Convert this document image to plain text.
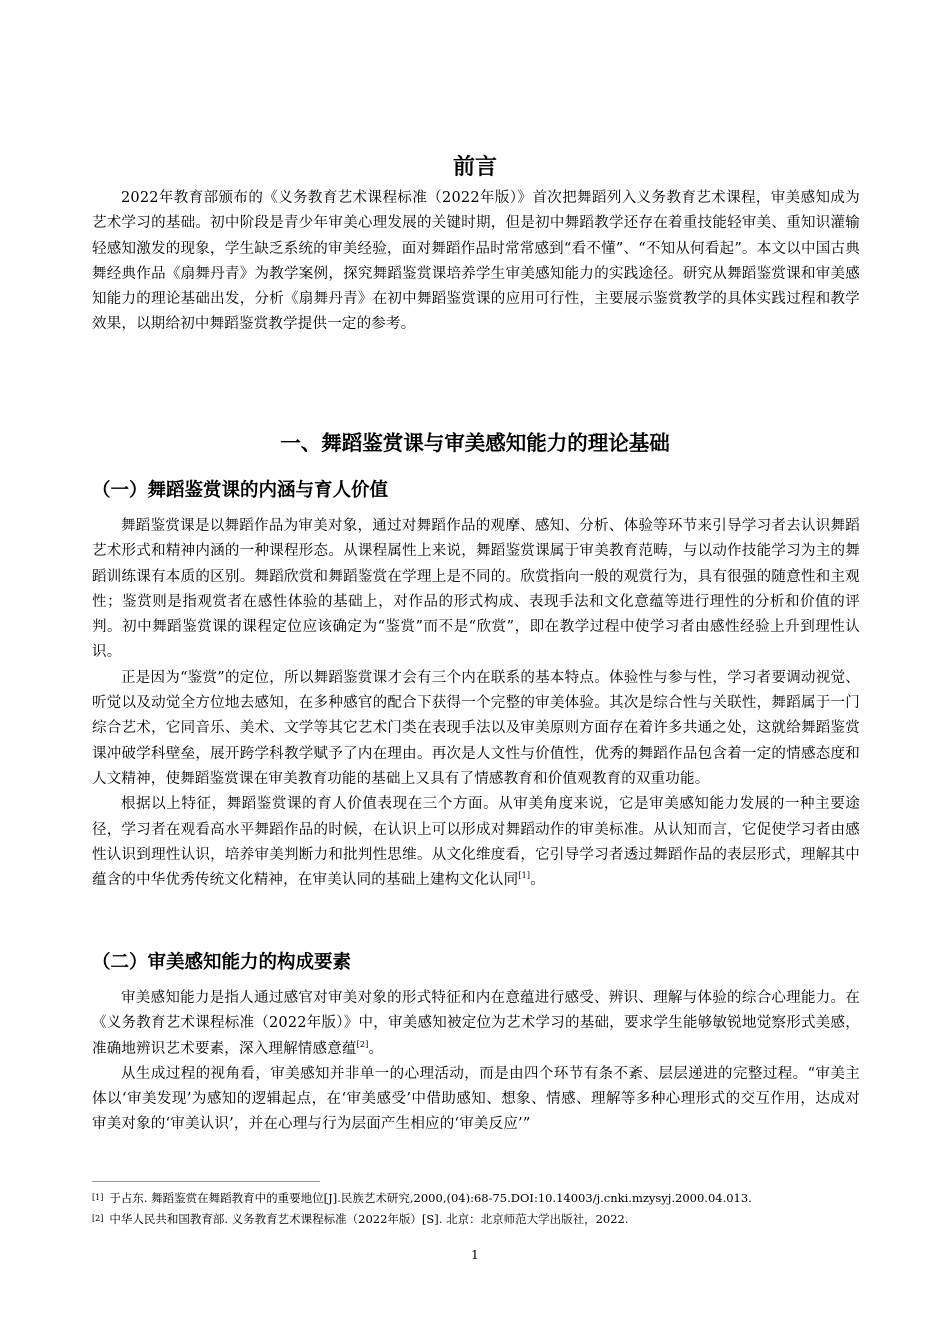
前言

2022年教育部颁布的《义务教育艺术课程标准（2022年版）》首次把舞蹈列入义务教育艺术课程，审美感知成为艺术学习的基础。初中阶段是青少年审美心理发展的关键时期，但是初中舞蹈教学还存在着重技能轻审美、重知识灌输轻感知激发的现象，学生缺乏系统的审美经验，面对舞蹈作品时常常感到“看不懂”、“不知从何看起”。本文以中国古典舞经典作品《扇舞丹青》为教学案例，探究舞蹈鉴赏课培养学生审美感知能力的实践途径。研究从舞蹈鉴赏课和审美感知能力的理论基础出发，分析《扇舞丹青》在初中舞蹈鉴赏课的应用可行性，主要展示鉴赏教学的具体实践过程和教学效果，以期给初中舞蹈鉴赏教学提供一定的参考。

一、舞蹈鉴赏课与审美感知能力的理论基础
（一）舞蹈鉴赏课的内涵与育人价值

舞蹈鉴赏课是以舞蹈作品为审美对象，通过对舞蹈作品的观摩、感知、分析、体验等环节来引导学习者去认识舞蹈艺术形式和精神内涵的一种课程形态。从课程属性上来说，舞蹈鉴赏课属于审美教育范畴，与以动作技能学习为主的舞蹈训练课有本质的区别。舞蹈欣赏和舞蹈鉴赏在学理上是不同的。欣赏指向一般的观赏行为，具有很强的随意性和主观性；鉴赏则是指观赏者在感性体验的基础上，对作品的形式构成、表现手法和文化意蕴等进行理性的分析和价值的评判。初中舞蹈鉴赏课的课程定位应该确定为“鉴赏”而不是“欣赏”，即在教学过程中使学习者由感性经验上升到理性认识。

正是因为“鉴赏”的定位，所以舞蹈鉴赏课才会有三个内在联系的基本特点。体验性与参与性，学习者要调动视觉、听觉以及动觉全方位地去感知，在多种感官的配合下获得一个完整的审美体验。其次是综合性与关联性，舞蹈属于一门综合艺术，它同音乐、美术、文学等其它艺术门类在表现手法以及审美原则方面存在着许多共通之处，这就给舞蹈鉴赏课冲破学科壁垒，展开跨学科教学赋予了内在理由。再次是人文性与价值性，优秀的舞蹈作品包含着一定的情感态度和人文精神，使舞蹈鉴赏课在审美教育功能的基础上又具有了情感教育和价值观教育的双重功能。

根据以上特征，舞蹈鉴赏课的育人价值表现在三个方面。从审美角度来说，它是审美感知能力发展的一种主要途径，学习者在观看高水平舞蹈作品的时候，在认识上可以形成对舞蹈动作的审美标准。从认知而言，它促使学习者由感性认识到理性认识，培养审美判断力和批判性思维。从文化维度看，它引导学习者透过舞蹈作品的表层形式，理解其中蕴含的中华优秀传统文化精神，在审美认同的基础上建构文化认同[1]。

（二）审美感知能力的构成要素

审美感知能力是指人通过感官对审美对象的形式特征和内在意蕴进行感受、辨识、理解与体验的综合心理能力。在《义务教育艺术课程标准（2022年版）》中，审美感知被定位为艺术学习的基础，要求学生能够敏锐地觉察形式美感，准确地辨识艺术要素，深入理解情感意蕴[2]。

从生成过程的视角看，审美感知并非单一的心理活动，而是由四个环节有条不紊、层层递进的完整过程。“审美主体以‘审美发现’为感知的逻辑起点，在‘审美感受’中借助感知、想象、情感、理解等多种心理形式的交互作用，达成对审美对象的‘审美认识’，并在心理与行为层面产生相应的‘审美反应’”

[1] 于占东. 舞蹈鉴赏在舞蹈教育中的重要地位[J].民族艺术研究,2000,(04):68-75.DOI:10.14003/j.cnki.mzysyj.2000.04.013.

[2] 中华人民共和国教育部. 义务教育艺术课程标准（2022年版）[S]. 北京：北京师范大学出版社，2022.

1
